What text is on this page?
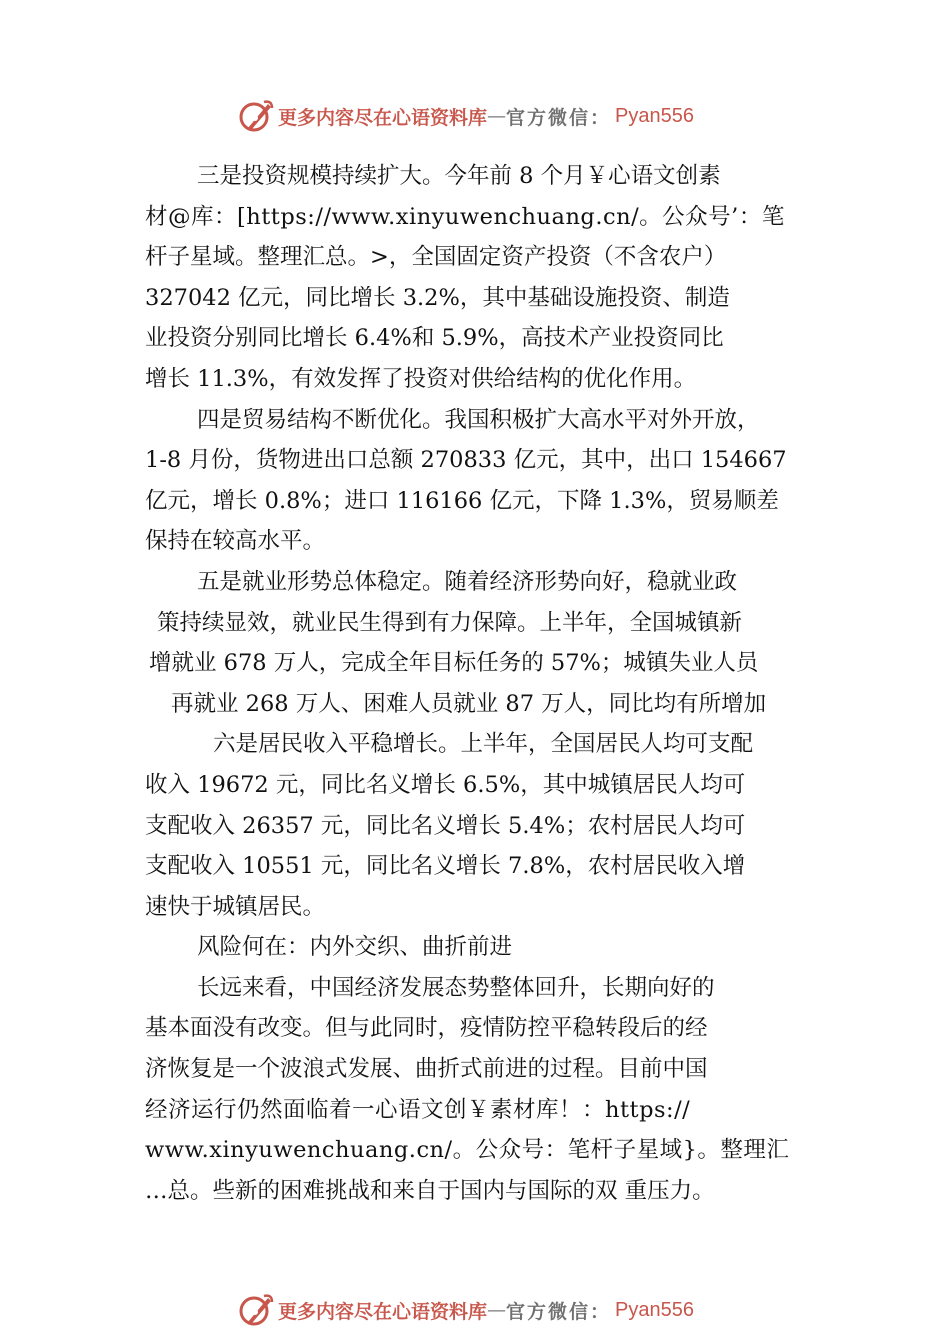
更多内容尽在心语资料库 — 官方微信： Pyan556
三是投资规模持续扩大。今年前 8 个月￥心语文创素
材@库：[https://www.xinyuwenchuang.cn/。公众号’：笔
杆子星域。整理汇总。>，全国固定资产投资（不含农户）
327042 亿元，同比增长 3.2%，其中基础设施投资、制造
业投资分别同比增长 6.4%和 5.9%，高技术产业投资同比
增长 11.3%，有效发挥了投资对供给结构的优化作用。
四是贸易结构不断优化。我国积极扩大高水平对外开放，
1-8 月份，货物进出口总额 270833 亿元，其中，出口 154667
亿元，增长 0.8%；进口 116166 亿元，下降 1.3%，贸易顺差
保持在较高水平。
五是就业形势总体稳定。随着经济形势向好，稳就业政
策持续显效，就业民生得到有力保障。上半年，全国城镇新
增就业 678 万人，完成全年目标任务的 57%；城镇失业人员
再就业 268 万人、困难人员就业 87 万人，同比均有所增加
六是居民收入平稳增长。上半年，全国居民人均可支配
收入 19672 元，同比名义增长 6.5%，其中城镇居民人均可
支配收入 26357 元，同比名义增长 5.4%；农村居民人均可
支配收入 10551 元，同比名义增长 7.8%，农村居民收入增
速快于城镇居民。
风险何在：内外交织、曲折前进
长远来看，中国经济发展态势整体回升，长期向好的
基本面没有改变。但与此同时，疫情防控平稳转段后的经
济恢复是一个波浪式发展、曲折式前进的过程。目前中国
经济运行仍然面临着一心语文创￥素材库！：https://
www.xinyuwenchuang.cn/。公众号：笔杆子星域}。整理汇
…总。些新的困难挑战和来自于国内与国际的双 重压力。
更多内容尽在心语资料库 — 官方微信： Pyan556
